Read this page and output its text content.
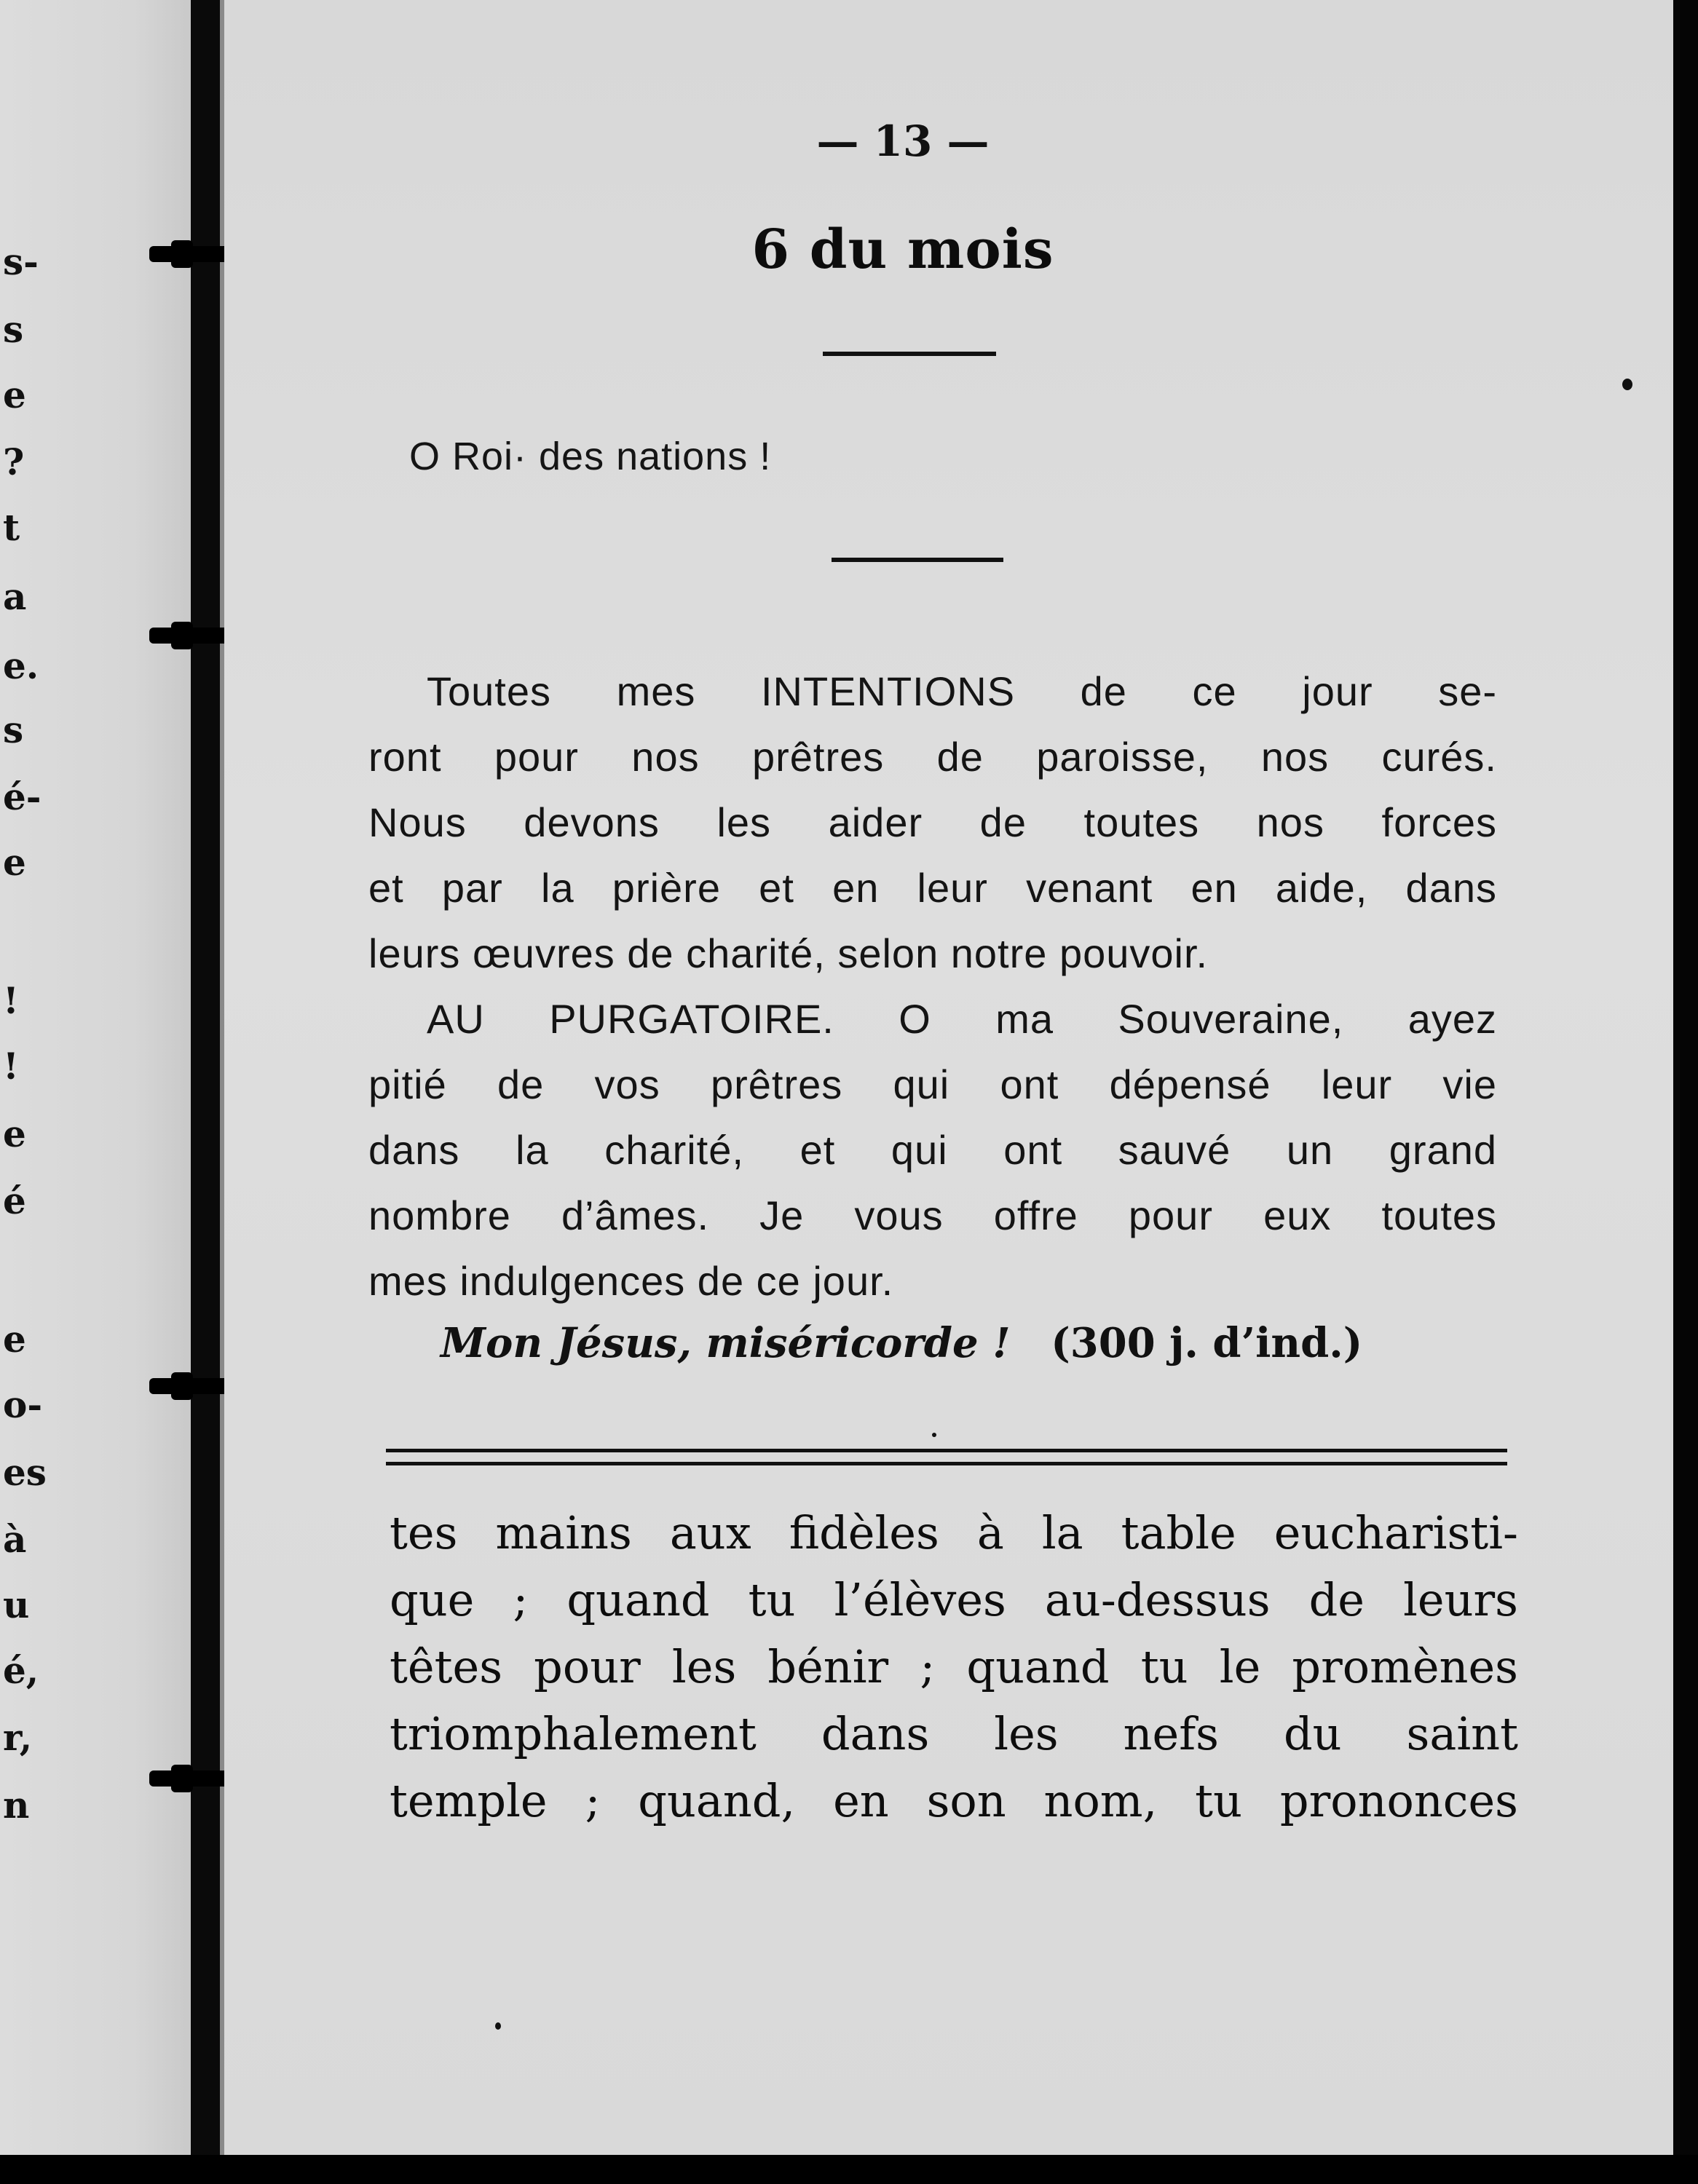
s-
s
e
?
t
a
e.
s
é-
e
!
!
e
é
e
o-
es
à
u
é,
r,
n
— 13 —
6 du mois
O Roi· des nations !

Toutes mes INTENTIONS de ce jour se-

ront pour nos prêtres de paroisse, nos curés.

Nous devons les aider de toutes nos forces

et par la prière et en leur venant en aide, dans

leurs œuvres de charité, selon notre pouvoir.

AU PURGATOIRE. O ma Souveraine, ayez

pitié de vos prêtres qui ont dépensé leur vie

dans la charité, et qui ont sauvé un grand

nombre d’âmes. Je vous offre pour eux toutes

mes indulgences de ce jour.

Mon Jésus, miséricorde ! (300 j. d’ind.)

tes mains aux fidèles à la table eucharisti-

que ; quand tu l’élèves au-dessus de leurs

têtes pour les bénir ; quand tu le promènes

triomphalement dans les nefs du saint

temple ; quand, en son nom, tu prononces
